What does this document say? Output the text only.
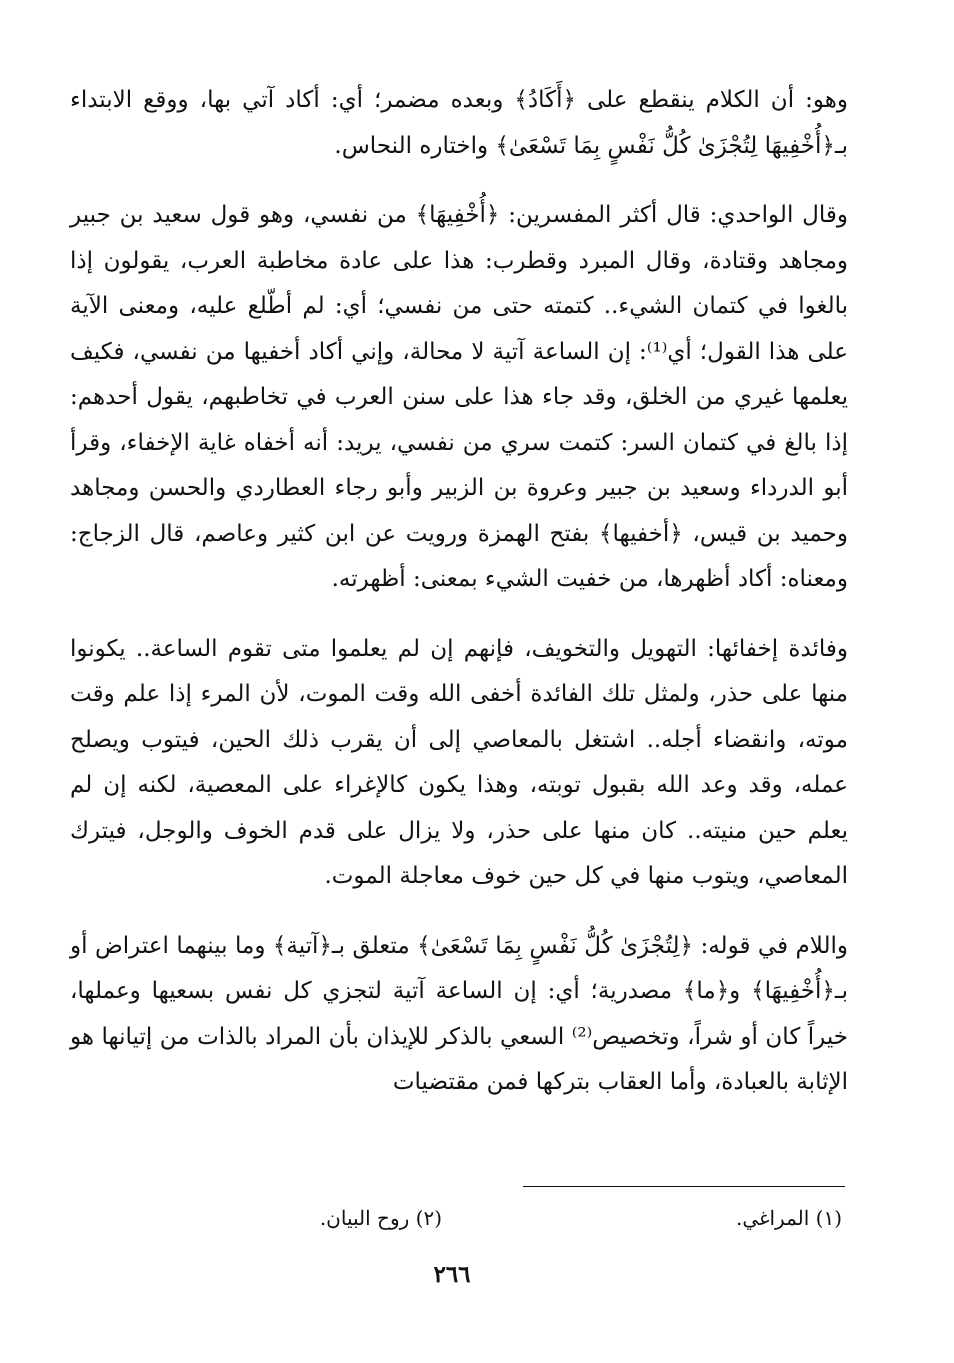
وهو: أن الكلام ينقطع على ﴿أَكَادُ﴾ وبعده مضمر؛ أي: أكاد آتي بها، ووقع الابتداء بـ﴿أُخْفِيهَا لِتُجْزَىٰ كُلُّ نَفْسٍ بِمَا تَسْعَىٰ﴾ واختاره النحاس.

وقال الواحدي: قال أكثر المفسرين: ﴿أُخْفِيهَا﴾ من نفسي، وهو قول سعيد بن جبير ومجاهد وقتادة، وقال المبرد وقطرب: هذا على عادة مخاطبة العرب، يقولون إذا بالغوا في كتمان الشيء.. كتمته حتى من نفسي؛ أي: لم أطّلع عليه، ومعنى الآية على هذا القول؛ أي⁽¹⁾: إن الساعة آتية لا محالة، وإني أكاد أخفيها من نفسي، فكيف يعلمها غيري من الخلق، وقد جاء هذا على سنن العرب في تخاطبهم، يقول أحدهم: إذا بالغ في كتمان السر: كتمت سري من نفسي، يريد: أنه أخفاه غاية الإخفاء، وقرأ أبو الدرداء وسعيد بن جبير وعروة بن الزبير وأبو رجاء العطاردي والحسن ومجاهد وحميد بن قيس، ﴿أخفيها﴾ بفتح الهمزة ورويت عن ابن كثير وعاصم، قال الزجاج: ومعناه: أكاد أظهرها، من خفيت الشيء بمعنى: أظهرته.

وفائدة إخفائها: التهويل والتخويف، فإنهم إن لم يعلموا متى تقوم الساعة.. يكونوا منها على حذر، ولمثل تلك الفائدة أخفى الله وقت الموت، لأن المرء إذا علم وقت موته، وانقضاء أجله.. اشتغل بالمعاصي إلى أن يقرب ذلك الحين، فيتوب ويصلح عمله، وقد وعد الله بقبول توبته، وهذا يكون كالإغراء على المعصية، لكنه إن لم يعلم حين منيته.. كان منها على حذر، ولا يزال على قدم الخوف والوجل، فيترك المعاصي، ويتوب منها في كل حين خوف معاجلة الموت.

واللام في قوله: ﴿لِتُجْزَىٰ كُلُّ نَفْسٍ بِمَا تَسْعَىٰ﴾ متعلق بـ﴿آتية﴾ وما بينهما اعتراض أو بـ﴿أُخْفِيهَا﴾ و﴿ما﴾ مصدرية؛ أي: إن الساعة آتية لتجزي كل نفس بسعيها وعملها، خيراً كان أو شراً، وتخصيص⁽²⁾ السعي بالذكر للإيذان بأن المراد بالذات من إتيانها هو الإثابة بالعبادة، وأما العقاب بتركها فمن مقتضيات

(١) المراغي.
(٢) روح البيان.
٢٦٦
